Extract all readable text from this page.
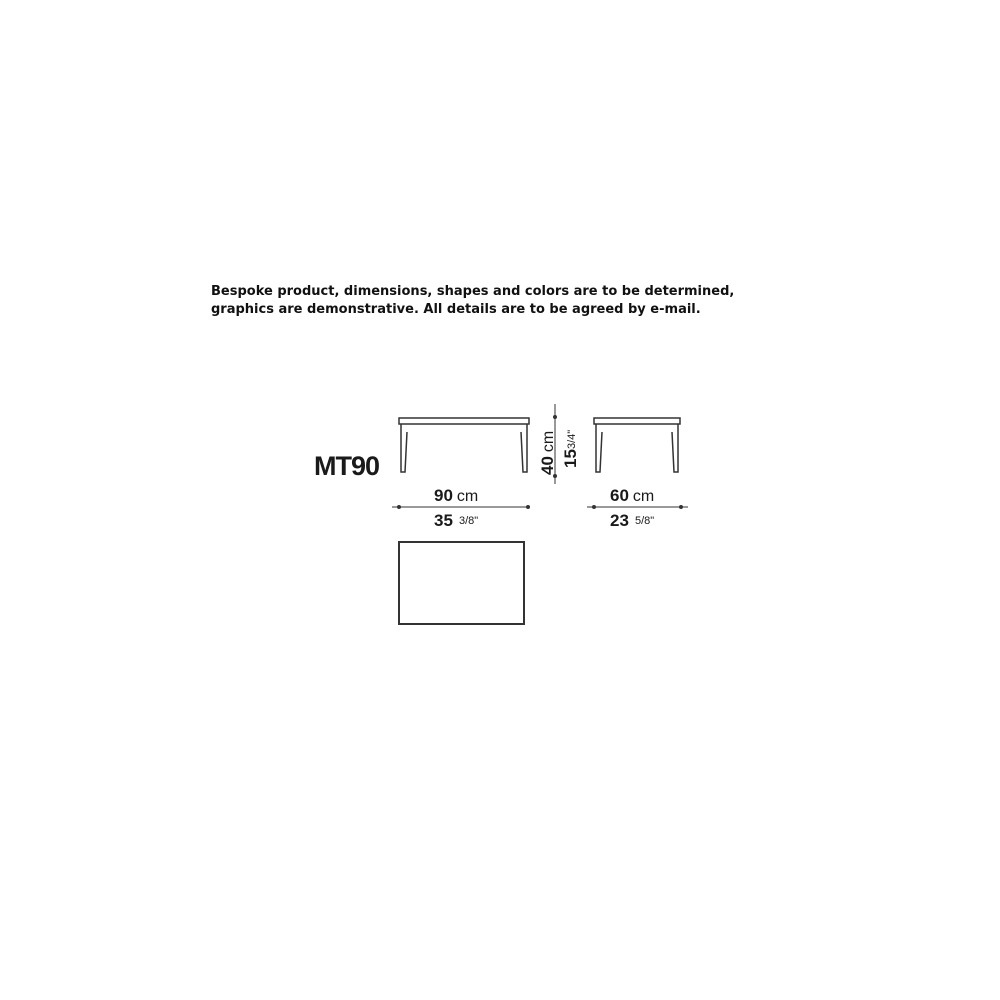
Bespoke product, dimensions, shapes and colors are to be determined,
graphics are demonstrative. All details are to be agreed by e-mail.

MT90
90 cm
35 3/8"
40cm
15
3/4"
60 cm
23 5/8"
